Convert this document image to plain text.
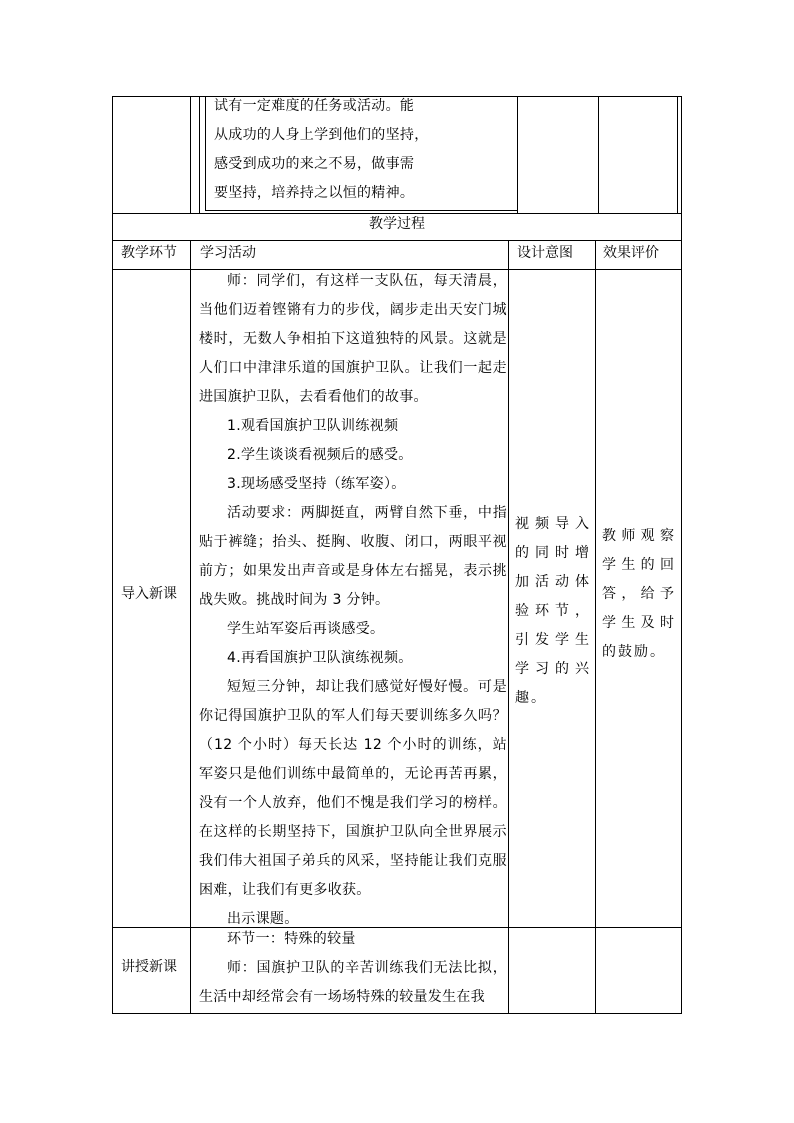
试有一定难度的任务或活动。能

从成功的人身上学到他们的坚持，

感受到成功的来之不易，做事需

要坚持，培养持之以恒的精神。

教学过程
教学环节 学习活动	设计意图 效果评价
导入新课

师：同学们，有这样一支队伍，每天清晨，当他们迈着铿锵有力的步伐，阔步走出天安门城楼时，无数人争相拍下这道独特的风景。这就是人们口中津津乐道的国旗护卫队。让我们一起走进国旗护卫队，去看看他们的故事。

1.观看国旗护卫队训练视频

2.学生谈谈看视频后的感受。

3.现场感受坚持（练军姿）。

活动要求：两脚挺直，两臂自然下垂，中指贴于裤缝；抬头、挺胸、收腹、闭口，两眼平视前方；如果发出声音或是身体左右摇晃，表示挑战失败。挑战时间为 3 分钟。

学生站军姿后再谈感受。

4.再看国旗护卫队演练视频。

短短三分钟，却让我们感觉好慢好慢。可是你记得国旗护卫队的军人们每天要训练多久吗？（12 个小时）每天长达 12 个小时的训练，站军姿只是他们训练中最简单的，无论再苦再累，没有一个人放弃，他们不愧是我们学习的榜样。在这样的长期坚持下，国旗护卫队向全世界展示我们伟大祖国子弟兵的风采，坚持能让我们克服困难，让我们有更多收获。

出示课题。

视频导入的同时增加活动体验环节，引发学生学习的兴趣。
教师观察学生的回答，给予学生及时的鼓励。
讲授新课

环节一：特殊的较量

师：国旗护卫队的辛苦训练我们无法比拟，生活中却经常会有一场场特殊的较量发生在我
